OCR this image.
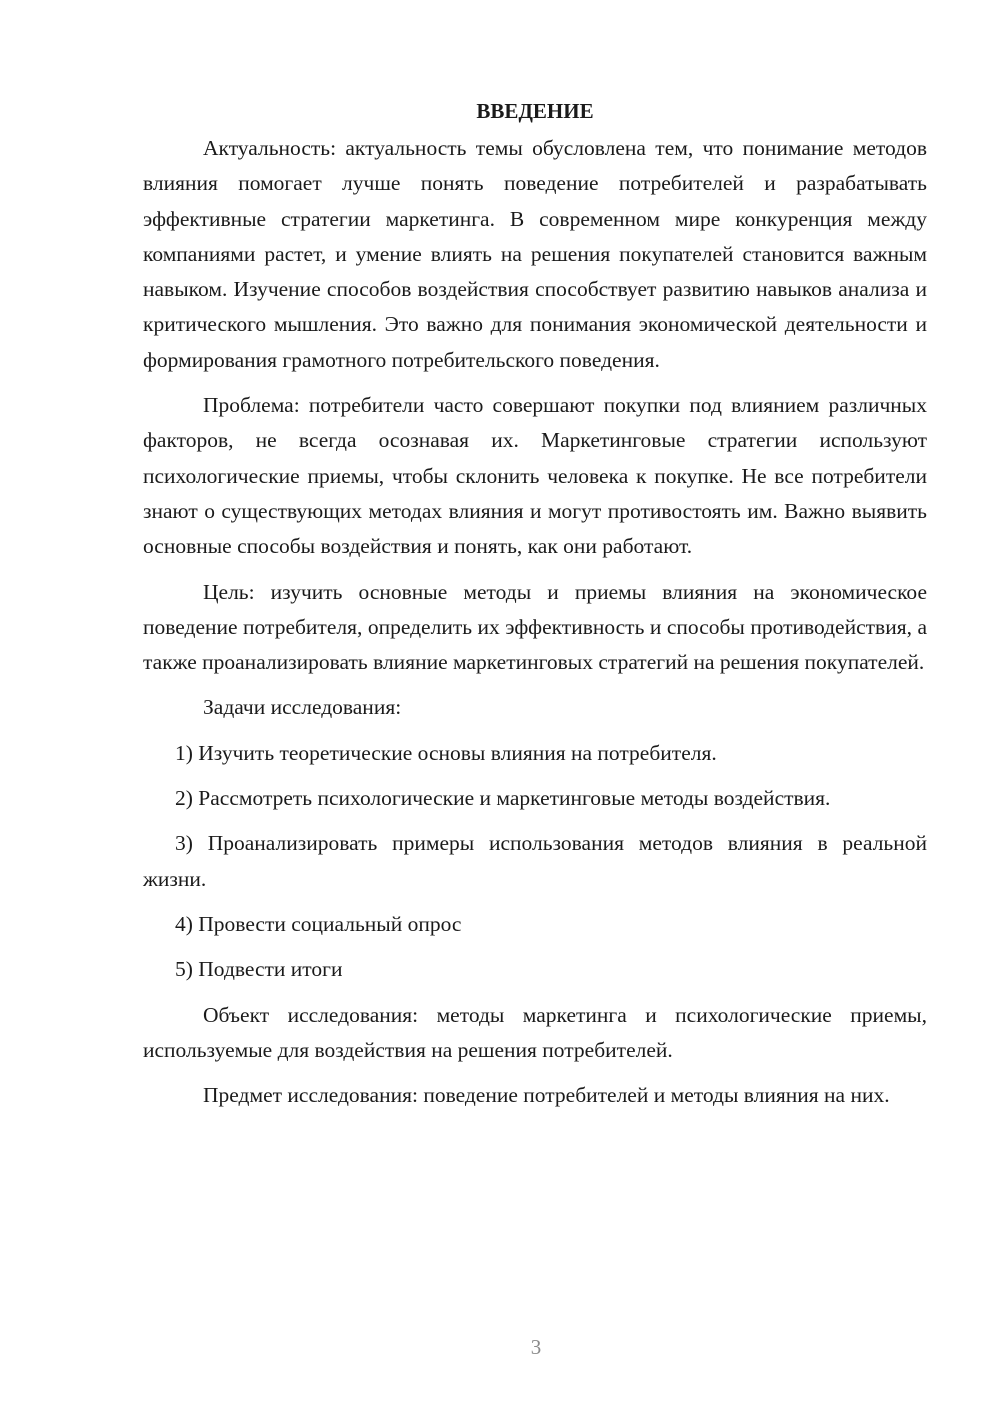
ВВЕДЕНИЕ

Актуальность: актуальность темы обусловлена тем, что понимание методов влияния помогает лучше понять поведение потребителей и разрабатывать эффективные стратегии маркетинга. В современном мире конкуренция между компаниями растет, и умение влиять на решения покупателей становится важным навыком. Изучение способов воздействия способствует развитию навыков анализа и критического мышления. Это важно для понимания экономической деятельности и формирования грамотного потребительского поведения.

Проблема: потребители часто совершают покупки под влиянием различных факторов, не всегда осознавая их. Маркетинговые стратегии используют психологические приемы, чтобы склонить человека к покупке. Не все потребители знают о существующих методах влияния и могут противостоять им. Важно выявить основные способы воздействия и понять, как они работают.

Цель: изучить основные методы и приемы влияния на экономическое поведение потребителя, определить их эффективность и способы противодействия, а также проанализировать влияние маркетинговых стратегий на решения покупателей.

Задачи исследования:

1) Изучить теоретические основы влияния на потребителя.

2) Рассмотреть психологические и маркетинговые методы воздействия.

3) Проанализировать примеры использования методов влияния в реальной жизни.

4) Провести социальный опрос

5) Подвести итоги

Объект исследования: методы маркетинга и психологические приемы, используемые для воздействия на решения потребителей.

Предмет исследования: поведение потребителей и методы влияния на них.

3
